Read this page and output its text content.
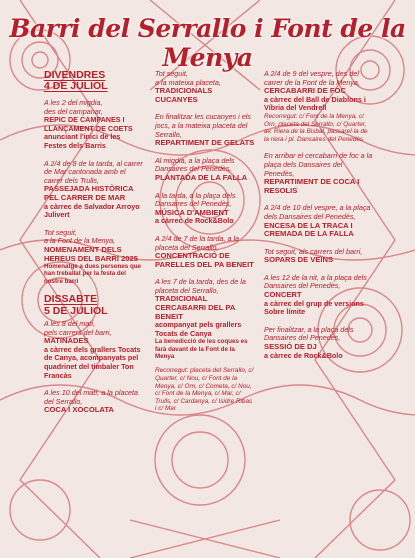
Barri del Serrallo i Font de la Menya
DIVENDRES
4 DE JULIOL
A les 2 del migdia,
des del campanar,
REPIC DE CAMPANES I LLANÇAMENT DE COETS anunciant l'inici de les Festes dels Barris
A 2/4 de 8 de la tarda, al carrer de Mar cantonada amb el carrer dels Trulls,
PASSEJADA HISTÒRICA PEL CARRER DE MAR
a càrrec de Salvador Arroyo Julivert
Tot seguit,
a la Font de la Menya,
NOMENAMENT DELS HEREUS DEL BARRI 2025
Homenatge a dues persones que han treballat per la festa del nostre barri
DISSABTE
5 DE JULIOL
A les 8 del matí,
pels carrers del barri,
MATINADES
a càrrec dels grallers Tocats de Canya, acompanyats pel quadrinet del timbaler Ton Francàs
A les 10 del matí, a la placeta del Serrallo,
COCA I XOCOLATA
Tot seguit,
a la mateixa placeta,
TRADICIONALS CUCANYES
En finalitzar les cucanyes i els jocs, a la mateixa placeta del Serrallo,
REPARTIMENT DE GELATS
Al migdia, a la plaça dels Dansaires del Penedès,
PLANTADA DE LA FALLA
A la tarda, a la plaça dels Dansaires del Penedès,
MÚSICA D'AMBIENT
a càrrec de Rock&Bolo
A 2/4 de 7 de la tarda, a la placeta del Serrallo,
CONCENTRACIÓ DE PARELLES DEL PA BENEIT
A les 7 de la tarda, des de la placeta del Serrallo,
TRADICIONAL CERCABARRI DEL PA BENEIT
acompanyat pels grallers Tocats de Canya
La benedicció de les coques es farà davant de la Font de la Menya
Recorregut: placeta del Serrallo, c/ Quarter, c/ Nou, c/ Font de la Menya, c/ Orn, c/ Cometa, c/ Nou, c/ Font de la Menya, c/ Mar, c/ Trulls, c/ Cardanya, c/ Isidre Ribas i c/ Mar
A 2/4 de 9 del vespre, des del carrer de la Font de la Menya,
CERCABARRI DE FOC
a càrrec del Ball de Diablons i Víbria del Vendrell
Recorregut: c/ Font de la Menya, c/ Orn, placeta del Serrallo, c/ Quarter, av. Riera de la Bisbal, passarel·la de la riera i pl. Dansaires del Penedès
En arribar el cercabarri de foc a la plaça dels Dansaires del Penedès,
REPARTIMENT DE COCA I RESOLIS
A 2/4 de 10 del vespre, a la plaça dels Dansaires del Penedès,
ENCESA DE LA TRACA I CREMADA DE LA FALLA
Tot seguit, als carrers del barri,
SOPARS DE VEÏNS
A les 12 de la nit, a la plaça dels Dansaires del Penedès,
CONCERT
a càrrec del grup de versions Sobre límite
Per finalitzar, a la plaça dels Dansaires del Penedès,
SESSIÓ DE DJ
a càrrec de Rock&Bolo
